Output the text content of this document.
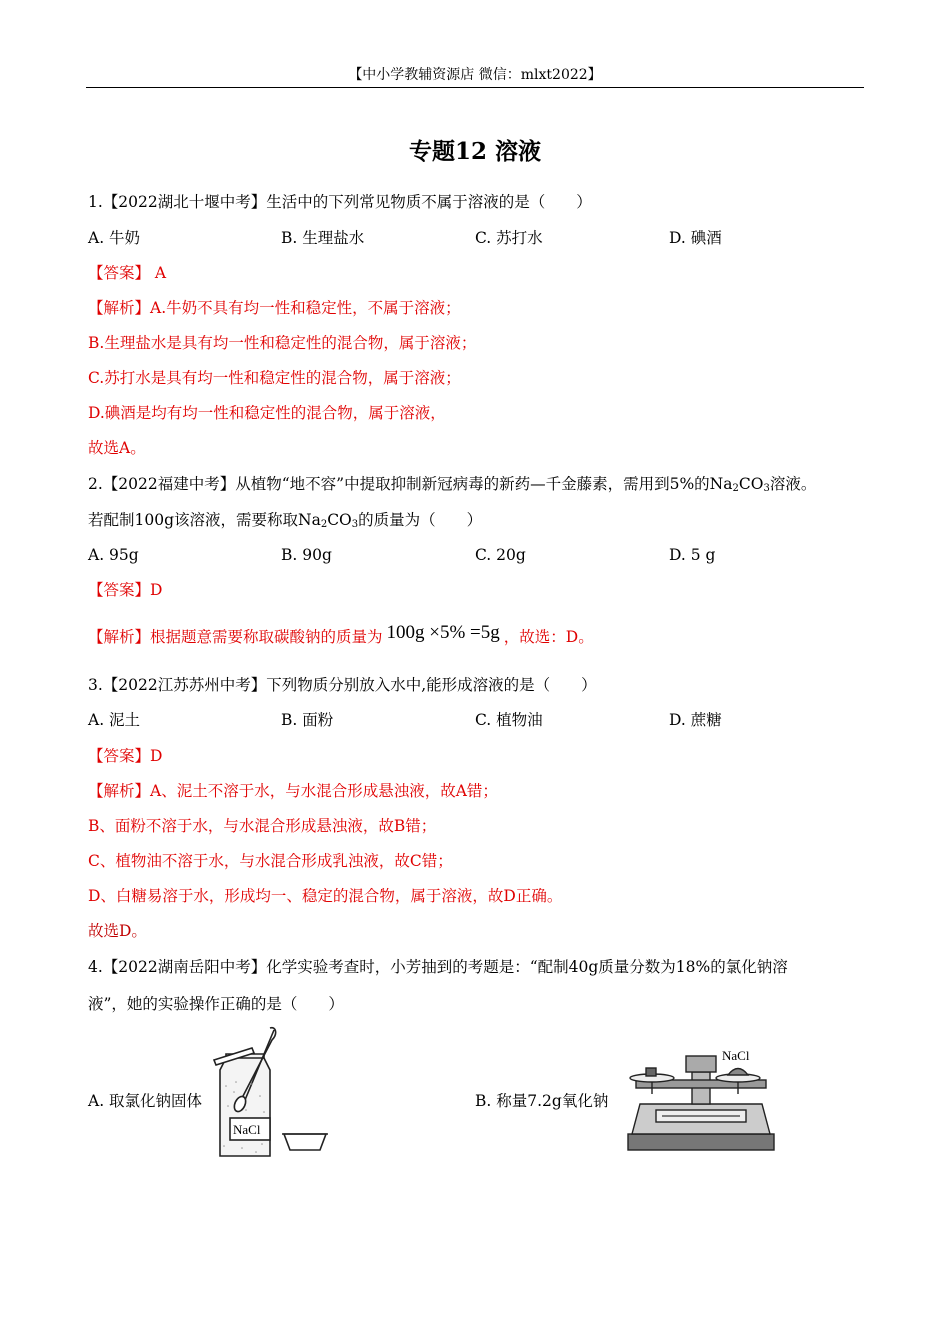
【中小学教辅资源店 微信：mlxt2022】
专题12 溶液
1.【2022湖北十堰中考】生活中的下列常见物质不属于溶液的是（　　）
A. 牛奶	B. 生理盐水	C. 苏打水	D. 碘酒
【答案】 A
【解析】A.牛奶不具有均一性和稳定性，不属于溶液；
B.生理盐水是具有均一性和稳定性的混合物，属于溶液；
C.苏打水是具有均一性和稳定性的混合物，属于溶液；
D.碘酒是均有均一性和稳定性的混合物，属于溶液，
故选A。
2.【2022福建中考】从植物“地不容”中提取抑制新冠病毒的新药—千金藤素，需用到5%的$Na_2CO_3$溶液。
若配制100g该溶液，需要称取$Na_2CO_3$的质量为（　　）
A. 95g	B. 90g	C. 20g	D. 5 g
【答案】D
【解析】根据题意需要称取碳酸钠的质量为 100g ×5% =5g ，故选：D。
3.【2022江苏苏州中考】下列物质分别放入水中,能形成溶液的是（　　）
A. 泥土	B. 面粉	C. 植物油	D. 蔗糖
【答案】D
【解析】A、泥土不溶于水，与水混合形成悬浊液，故A错；
B、面粉不溶于水，与水混合形成悬浊液，故B错；
C、植物油不溶于水，与水混合形成乳浊液，故C错；
D、白糖易溶于水，形成均一、稳定的混合物，属于溶液，故D正确。
故选D。
4.【2022湖南岳阳中考】化学实验考查时，小芳抽到的考题是：“配制40g质量分数为18%的氯化钠溶
液”，她的实验操作正确的是（　　）
A. 取氯化钠固体	B. 称量7.2g氧化钠
NaCl
NaCl
